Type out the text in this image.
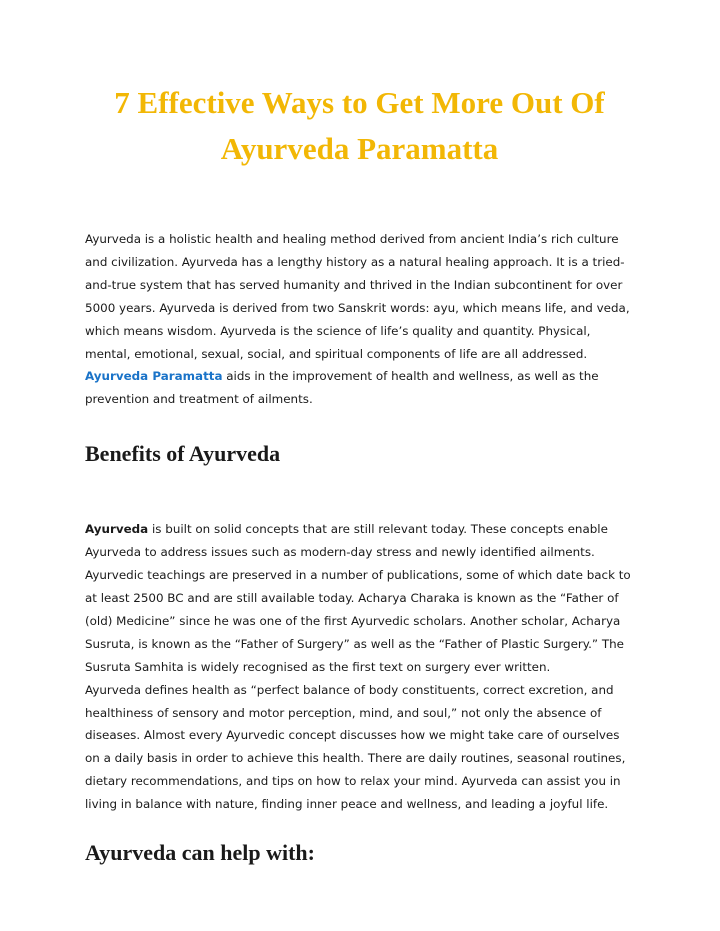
7 Effective Ways to Get More Out Of Ayurveda Paramatta

Ayurveda is a holistic health and healing method derived from ancient India’s rich culture and civilization. Ayurveda has a lengthy history as a natural healing approach. It is a tried-and-true system that has served humanity and thrived in the Indian subcontinent for over 5000 years. Ayurveda is derived from two Sanskrit words: ayu, which means life, and veda, which means wisdom. Ayurveda is the science of life’s quality and quantity. Physical, mental, emotional, sexual, social, and spiritual components of life are all addressed. Ayurveda Paramatta aids in the improvement of health and wellness, as well as the prevention and treatment of ailments.

Benefits of Ayurveda

Ayurveda is built on solid concepts that are still relevant today. These concepts enable Ayurveda to address issues such as modern-day stress and newly identified ailments. Ayurvedic teachings are preserved in a number of publications, some of which date back to at least 2500 BC and are still available today. Acharya Charaka is known as the “Father of (old) Medicine” since he was one of the first Ayurvedic scholars. Another scholar, Acharya Susruta, is known as the “Father of Surgery” as well as the “Father of Plastic Surgery.” The Susruta Samhita is widely recognised as the first text on surgery ever written.

Ayurveda defines health as “perfect balance of body constituents, correct excretion, and healthiness of sensory and motor perception, mind, and soul,” not only the absence of diseases. Almost every Ayurvedic concept discusses how we might take care of ourselves on a daily basis in order to achieve this health. There are daily routines, seasonal routines, dietary recommendations, and tips on how to relax your mind. Ayurveda can assist you in living in balance with nature, finding inner peace and wellness, and leading a joyful life.

Ayurveda can help with:
